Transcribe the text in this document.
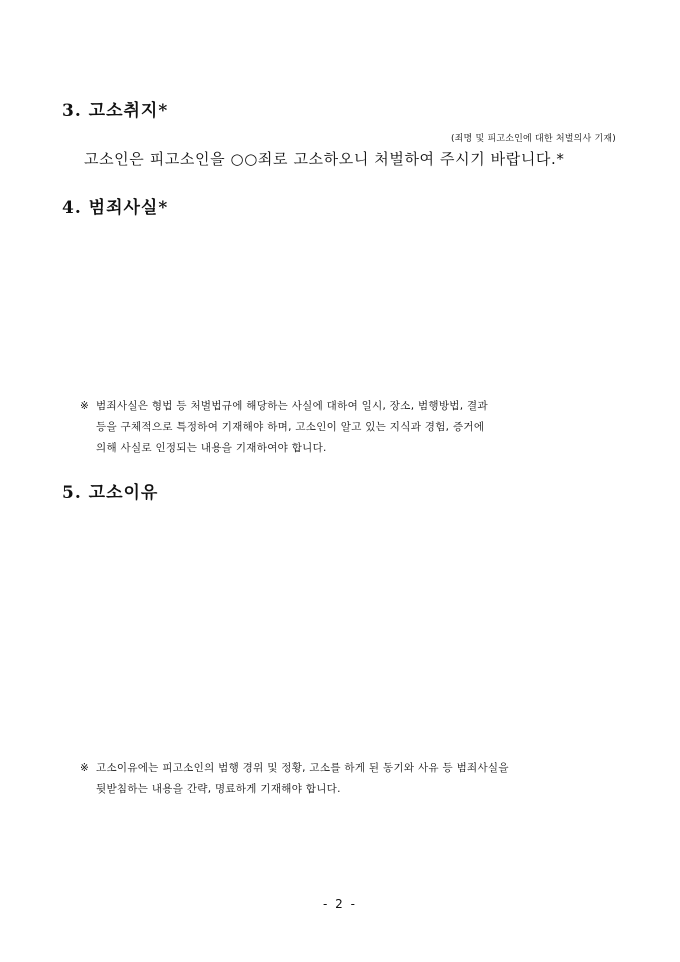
3. 고소취지*
(죄명 및 피고소인에 대한 처벌의사 기재)
고소인은 피고소인을 ○○죄로 고소하오니 처벌하여 주시기 바랍니다.*
4. 범죄사실*
※ 범죄사실은 형법 등 처벌법규에 해당하는 사실에 대하여 일시, 장소, 범행방법, 결과
등을 구체적으로 특정하여 기재해야 하며, 고소인이 알고 있는 지식과 경험, 증거에
의해 사실로 인정되는 내용을 기재하여야 합니다.
5. 고소이유
※ 고소이유에는 피고소인의 범행 경위 및 정황, 고소를 하게 된 동기와 사유 등 범죄사실을
뒷받침하는 내용을 간략, 명료하게 기재해야 합니다.
- 2 -
